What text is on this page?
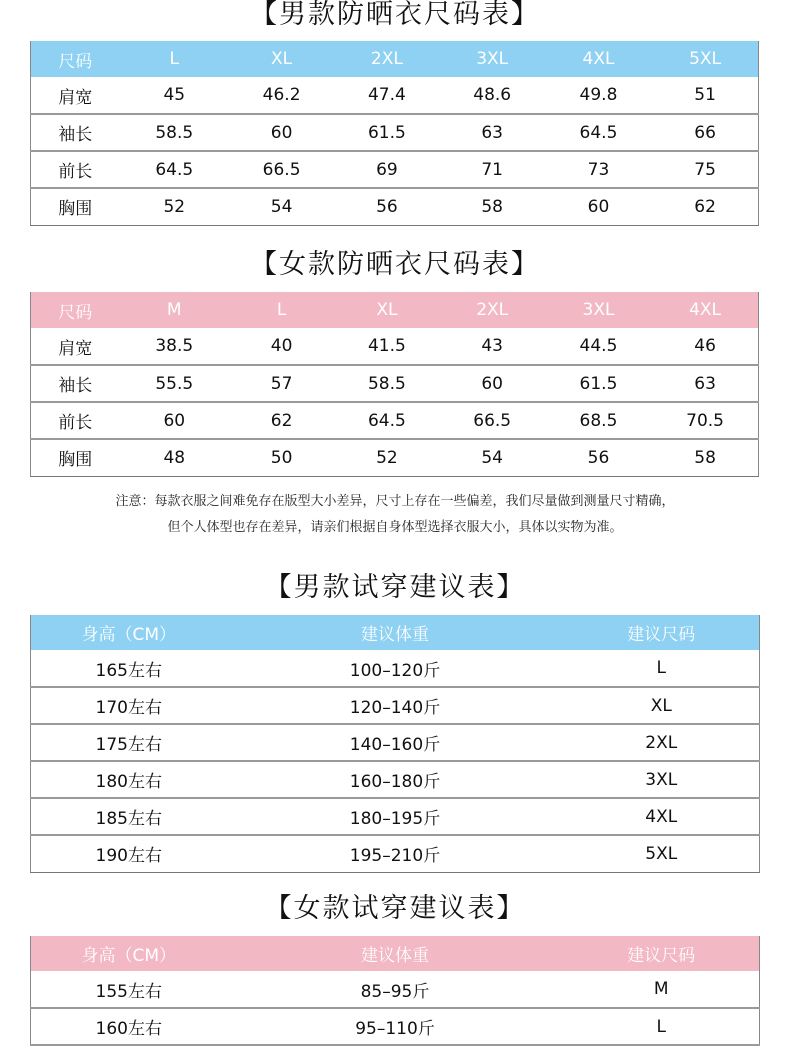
【男款防晒衣尺码表】
尺码	L	XL	2XL	3XL	4XL	5XL
肩宽	45	46.2	47.4	48.6	49.8	51
袖长	58.5	60	61.5	63	64.5	66
前长	64.5	66.5	69	71	73	75
胸围	52	54	56	58	60	62
【女款防晒衣尺码表】
尺码	M	L	XL	2XL	3XL	4XL
肩宽	38.5	40	41.5	43	44.5	46
袖长	55.5	57	58.5	60	61.5	63
前长	60	62	64.5	66.5	68.5	70.5
胸围	48	50	52	54	56	58

注意：每款衣服之间难免存在版型大小差异，尺寸上存在一些偏差，我们尽量做到测量尺寸精确，

但个人体型也存在差异，请亲们根据自身体型选择衣服大小，具体以实物为准。

【男款试穿建议表】
身高（CM）	建议体重	建议尺码
165左右	100–120斤	L
170左右	120–140斤	XL
175左右	140–160斤	2XL
180左右	160–180斤	3XL
185左右	180–195斤	4XL
190左右	195–210斤	5XL
【女款试穿建议表】
身高（CM）	建议体重	建议尺码
155左右	85–95斤	M
160左右	95–110斤	L
